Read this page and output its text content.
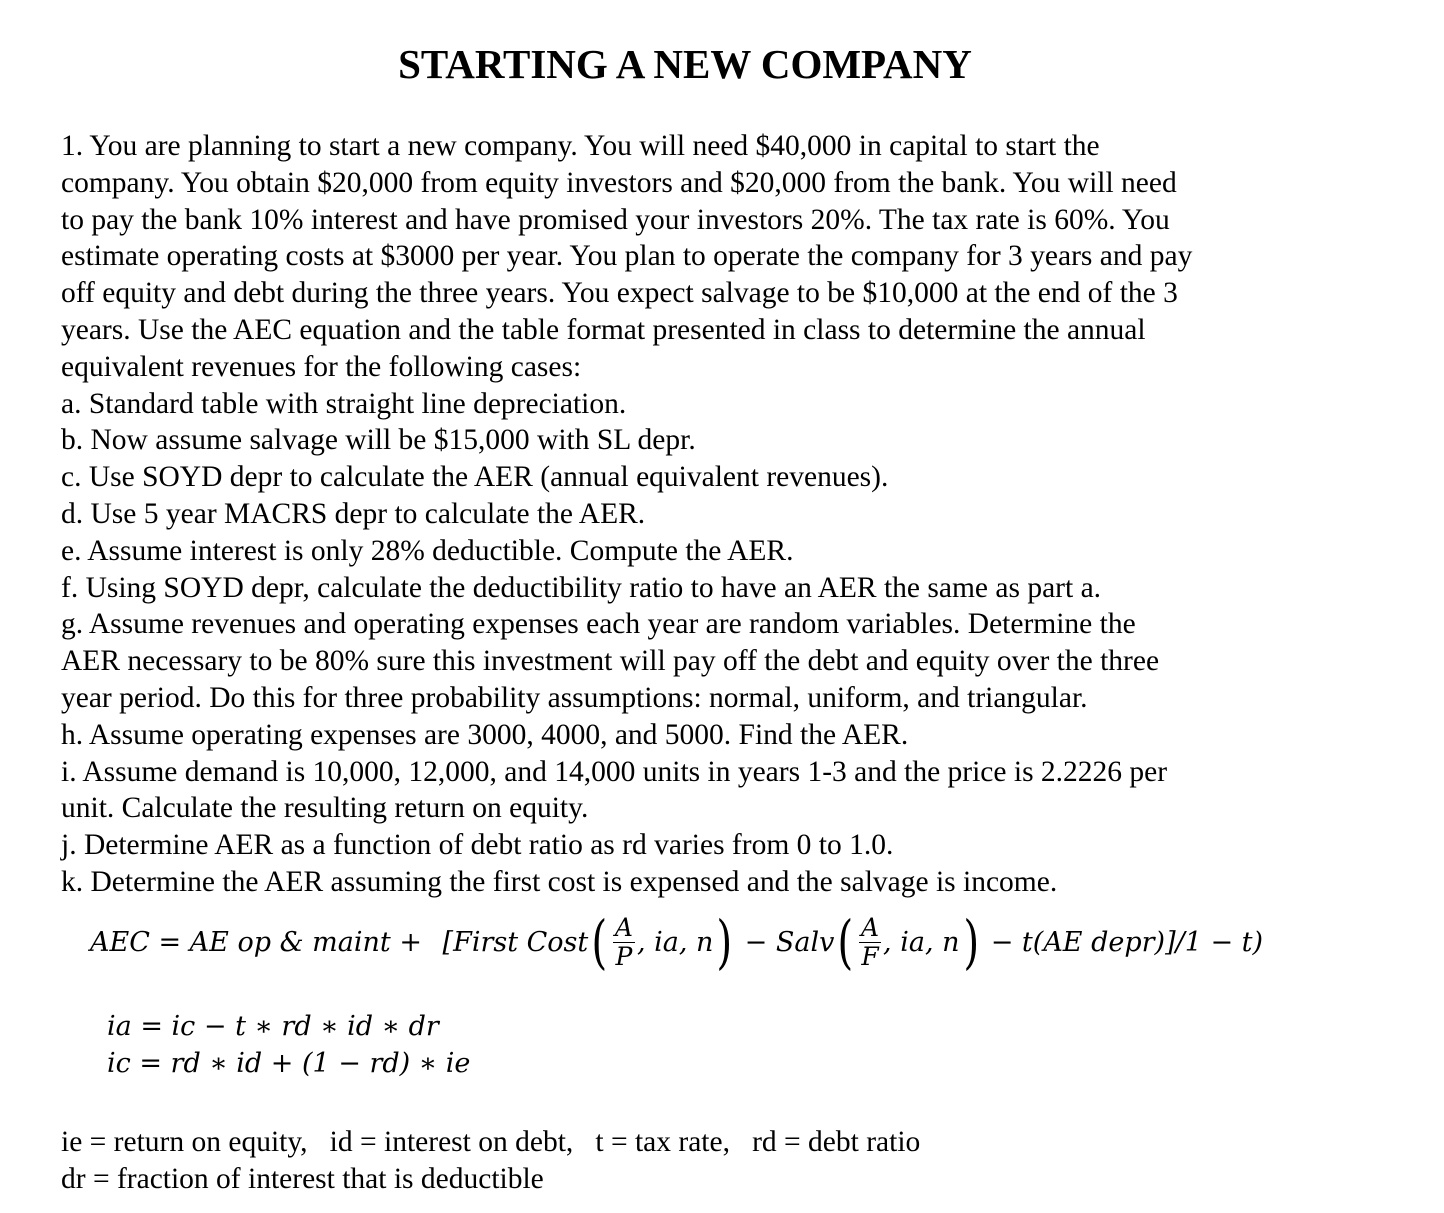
STARTING A NEW COMPANY

1. You are planning to start a new company. You will need $40,000 in capital to start the

company. You obtain $20,000 from equity investors and $20,000 from the bank. You will need

to pay the bank 10% interest and have promised your investors 20%. The tax rate is 60%. You

estimate operating costs at $3000 per year. You plan to operate the company for 3 years and pay

off equity and debt during the three years. You expect salvage to be $10,000 at the end of the 3

years. Use the AEC equation and the table format presented in class to determine the annual

equivalent revenues for the following cases:

a. Standard table with straight line depreciation.

b. Now assume salvage will be $15,000 with SL depr.

c. Use SOYD depr to calculate the AER (annual equivalent revenues).

d. Use 5 year MACRS depr to calculate the AER.

e. Assume interest is only 28% deductible. Compute the AER.

f. Using SOYD depr, calculate the deductibility ratio to have an AER the same as part a.

g. Assume revenues and operating expenses each year are random variables. Determine the

AER necessary to be 80% sure this investment will pay off the debt and equity over the three

year period. Do this for three probability assumptions: normal, uniform, and triangular.

h. Assume operating expenses are 3000, 4000, and 5000. Find the AER.

i. Assume demand is 10,000, 12,000, and 14,000 units in years 1-3 and the price is 2.2226 per

unit. Calculate the resulting return on equity.

j. Determine AER as a function of debt ratio as rd varies from 0 to 1.0.

k. Determine the AER assuming the first cost is expensed and the salvage is income.

AEC = AE op & maint + [First Cost ( $\frac{A}{P}$ , ia, n ) − Salv ( $\frac{A}{F}$ , ia, n ) − t(AE depr)]/1 − t)
ia = ic − t ∗ rd ∗ id ∗ dr
ic = rd ∗ id + (1 − rd) ∗ ie

ie = return on equity,   id = interest on debt,   t = tax rate,   rd = debt ratio

dr = fraction of interest that is deductible
